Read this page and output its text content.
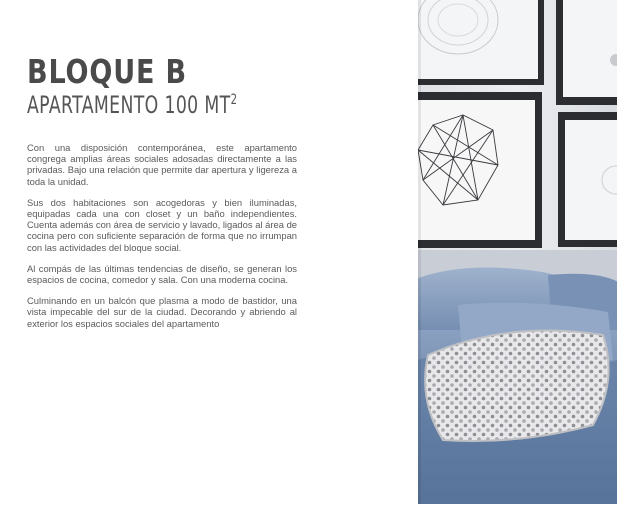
BLOQUE B
APARTAMENTO 100 $MT^2$

Con una disposición contemporánea, este apartamento congrega amplias áreas sociales adosadas directamente a las privadas. Bajo una relación que permite dar apertura y ligereza a toda la unidad.

Sus dos habitaciones son acogedoras y bien iluminadas, equipadas cada una con closet y un baño independientes. Cuenta además con área de servicio y lavado, ligados al área de cocina pero con suficiente separación de forma que no irrumpan con las actividades del bloque social.

Al compás de las últimas tendencias de diseño, se generan los espacios de cocina, comedor y sala. Con una moderna cocina.

Culminando en un balcón que plasma a modo de bastidor, una vista impecable del sur de la ciudad. Decorando y abriendo al exterior los espacios sociales del apartamento
